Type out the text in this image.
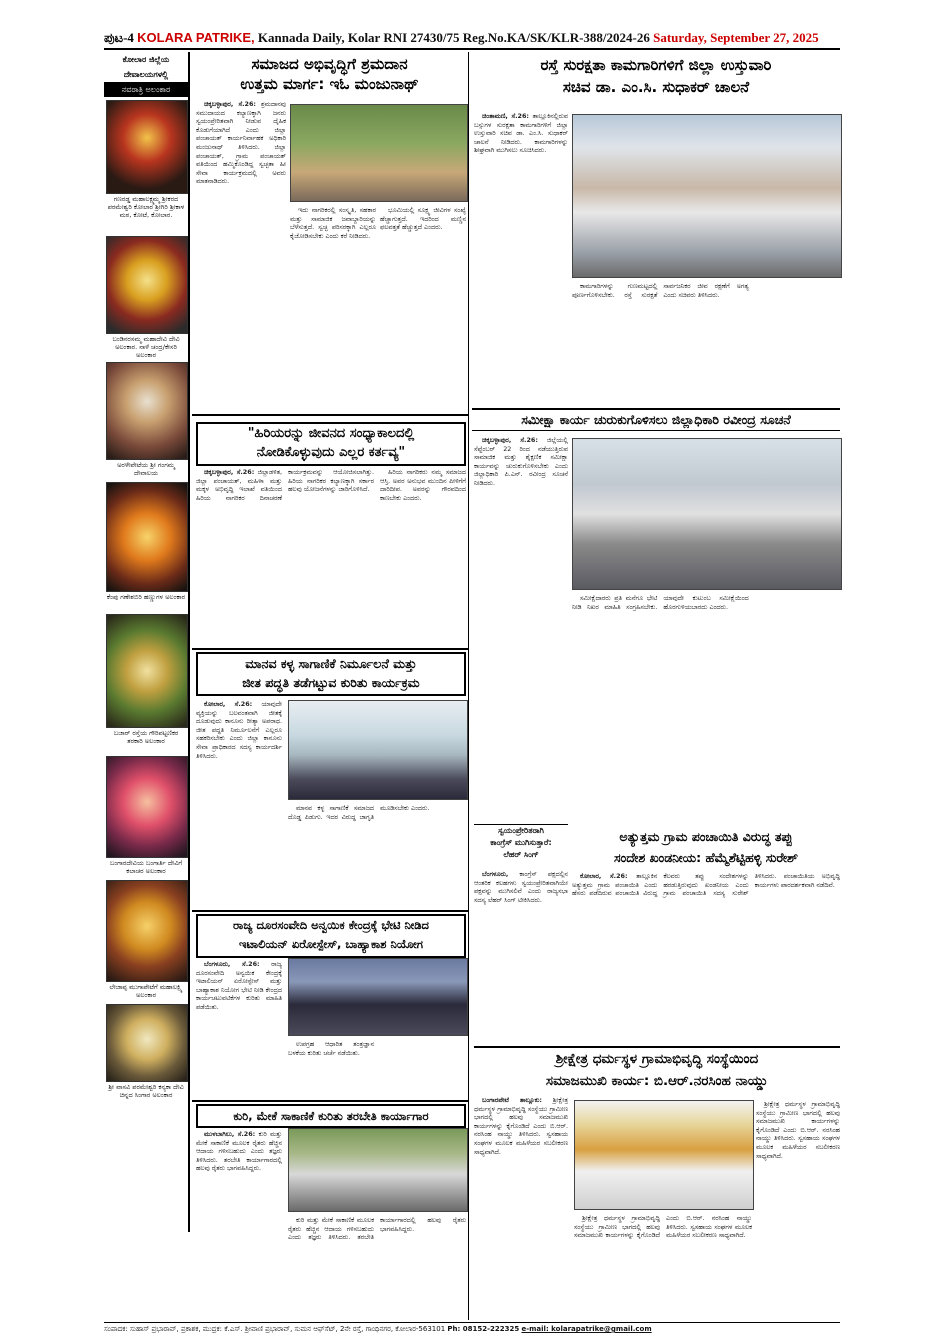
ಪುಟ-4 KOLARA PATRIKE, Kannada Daily, Kolar RNI 27430/75 Reg.No.KA/SK/KLR-388/2024-26 Saturday, September 27, 2025
ಕೋಲಾರ ಜಿಲ್ಲೆಯ
ದೇವಾಲಯಗಳಲ್ಲಿ
ನವರಾತ್ರಿ ಅಲಂಕಾರ
ಗಣರಡ್ಡ ಮಹಾಲಕ್ಷ್ಮಮ್ಮ ಶ್ರೀಕರದ ಪರಮೇಶ್ವರಿ ಕೋಲಾರ ಶ್ರೀಗಿರಿ ಶ್ರೀಕಾಳ ಮಠ, ಕೋಟೆ, ಕೋಲಾರ.
ಬಂಡಿನರಸಮ್ಮ ಮಹಾದೇವಿ ದೇವಿ ಅಲಂಕಾರ. ನಾಳೆ ಚಂದ್ರ/ಕೇಸರಿ ಅಲಂಕಾರ
ಅರಳೇಪೇಟೆಯ ಶ್ರೀ ಗಂಗಮ್ಮ ದೇವಾಲಯ
ಕೆಂಪು ಗಣೇಶಬಿರಿ ಹಣ್ಣುಗಳ ಅಲಂಕಾರ
ಬಜಾರ್ ರಸ್ತೆಯ ಗೌರಿಪಟ್ಟಣಿಕರ ತರಕಾರಿ ಅಲಂಕಾರ
ಬಂಗಾರದೇವಿಯ ಬಂಗಾರ್ತಿ ದೇವಿಗೆ ಕಲಾಚರ ಅಲಂಕಾರ
ಲೇಜಾಪ್ಪ ಮುಗಾಪೇಟೆಗೆ ಮಹಾಲಕ್ಷ್ಮಿ ಅಲಂಕಾರ
ಶ್ರೀ ವಾಸವಿ ಪರಮೇಶ್ವರಿ ಕನ್ಯಕಾ ದೇವಿ ಚಿನ್ನದ ಸಿಂಗಾರ ಅಲಂಕಾರ
ಸಮಾಜದ ಅಭಿವೃದ್ಧಿಗೆ ಶ್ರಮದಾನ
ಉತ್ತಮ ಮಾರ್ಗ: ಇಓ ಮಂಜುನಾಥ್

ಚಿಕ್ಕಬಳ್ಳಾಪುರ, ಸೆ.26: ಶ್ರಮದಾನವು ಸಮುದಾಯದ ಕಲ್ಯಾಣಕ್ಕಾಗಿ ಜನರು ಸ್ವಯಂಪ್ರೇರಿತವಾಗಿ ನೀಡುವ ದೈಹಿಕ ಕೊಡುಗೆಯಾಗಿದೆ ಎಂದು ಜಿಲ್ಲಾ ಪಂಚಾಯತ್ ಕಾರ್ಯನಿರ್ವಾಹಕ ಅಧಿಕಾರಿ ಮಂಜುನಾಥ್ ತಿಳಿಸಿದರು. ಜಿಲ್ಲಾ ಪಂಚಾಯತ್, ಗ್ರಾಮ ಪಂಚಾಯತ್ ವತಿಯಿಂದ ಹಮ್ಮಿಕೊಂಡಿದ್ದ ಸ್ವಚ್ಛತಾ ಹೀ ಸೇವಾ ಕಾರ್ಯಕ್ರಮದಲ್ಲಿ ಅವರು ಮಾತನಾಡಿದರು.

ಇದು ನಾಗರಿಕರಲ್ಲಿ ಸಂಸ್ಕೃತಿ, ಸಹಕಾರ ಮತ್ತು ಸಾಮಾಜಿಕ ಜವಾಬ್ದಾರಿಯನ್ನು ಬೆಳೆಸುತ್ತದೆ. ಸ್ವಚ್ಛ ಪರಿಸರಕ್ಕಾಗಿ ಎಲ್ಲರೂ ಕೈಜೋಡಿಸಬೇಕು ಎಂದು ಕರೆ ನೀಡಿದರು.

ಭೂಮಿಯಲ್ಲಿ ಸೂಕ್ಷ್ಮ ಜೀವಿಗಳ ಸಂಖ್ಯೆ ಹೆಚ್ಚಾಗುತ್ತದೆ. ಇದರಿಂದ ಮಣ್ಣಿನ ಫಲವತ್ತತೆ ಹೆಚ್ಚುತ್ತದೆ ಎಂದರು.

ರಸ್ತೆ ಸುರಕ್ಷತಾ ಕಾಮಗಾರಿಗಳಿಗೆ ಜಿಲ್ಲಾ ಉಸ್ತುವಾರಿ
ಸಚಿವ ಡಾ. ಎಂ.ಸಿ. ಸುಧಾಕರ್ ಚಾಲನೆ

ಚಿಂತಾಮಣಿ, ಸೆ.26: ತಾಲ್ಲೂಕಿನಲ್ಲಿರುವ ಬಸ್ಸುಗಳ ಸುರಕ್ಷತಾ ಕಾಮಗಾರಿಗಳಿಗೆ ಜಿಲ್ಲಾ ಉಸ್ತುವಾರಿ ಸಚಿವ ಡಾ. ಎಂ.ಸಿ. ಸುಧಾಕರ್ ಚಾಲನೆ ನೀಡಿದರು. ಕಾಮಗಾರಿಗಳನ್ನು ಶೀಘ್ರವಾಗಿ ಮುಗಿಸಲು ಸೂಚಿಸಿದರು.

ಕಾಮಗಾರಿಗಳನ್ನು ಗುಣಮಟ್ಟದಲ್ಲಿ ಪೂರ್ಣಗೊಳಿಸಬೇಕು. ರಸ್ತೆ ಸುರಕ್ಷತೆ ಸಾರ್ವಜನಿಕರ ಜೀವ ರಕ್ಷಣೆಗೆ ಅಗತ್ಯ ಎಂದು ಸಚಿವರು ತಿಳಿಸಿದರು.

"ಹಿರಿಯರನ್ನು ಜೀವನದ ಸಂಧ್ಯಾಕಾಲದಲ್ಲಿ
ನೋಡಿಕೊಳ್ಳುವುದು ಎಲ್ಲರ ಕರ್ತವ್ಯ"

ಚಿಕ್ಕಬಳ್ಳಾಪುರ, ಸೆ.26: ಜಿಲ್ಲಾಡಳಿತ, ಜಿಲ್ಲಾ ಪಂಚಾಯತ್, ಮಹಿಳಾ ಮತ್ತು ಮಕ್ಕಳ ಅಭಿವೃದ್ಧಿ ಇಲಾಖೆ ವತಿಯಿಂದ ಹಿರಿಯ ನಾಗರಿಕರ ದಿನಾಚರಣೆ ಕಾರ್ಯಕ್ರಮವನ್ನು ಆಯೋಜಿಸಲಾಗಿತ್ತು. ಹಿರಿಯ ನಾಗರಿಕರ ಕಲ್ಯಾಣಕ್ಕಾಗಿ ಸರ್ಕಾರ ಹಲವು ಯೋಜನೆಗಳನ್ನು ಜಾರಿಗೊಳಿಸಿದೆ.

ಹಿರಿಯ ನಾಗರಿಕರು ನಮ್ಮ ಸಮಾಜದ ಆಸ್ತಿ. ಅವರ ಅನುಭವ ಮುಂದಿನ ಪೀಳಿಗೆಗೆ ದಾರಿದೀಪ. ಅವರನ್ನು ಗೌರವದಿಂದ ಕಾಣಬೇಕು ಎಂದರು.

ಸಮೀಕ್ಷಾ ಕಾರ್ಯ ಚುರುಕುಗೊಳಿಸಲು ಜಿಲ್ಲಾಧಿಕಾರಿ ರವೀಂದ್ರ ಸೂಚನೆ

ಚಿಕ್ಕಬಳ್ಳಾಪುರ, ಸೆ.26: ಜಿಲ್ಲೆಯಲ್ಲಿ ಸೆಪ್ಟೆಂಬರ್ 22 ರಿಂದ ನಡೆಯುತ್ತಿರುವ ಸಾಮಾಜಿಕ ಮತ್ತು ಶೈಕ್ಷಣಿಕ ಸಮೀಕ್ಷಾ ಕಾರ್ಯವನ್ನು ಚುರುಕುಗೊಳಿಸಬೇಕು ಎಂದು ಜಿಲ್ಲಾಧಿಕಾರಿ ಪಿ.ಎನ್. ರವೀಂದ್ರ ಸೂಚನೆ ನೀಡಿದರು.

ಸಮೀಕ್ಷೆದಾರರು ಪ್ರತಿ ಮನೆಗೂ ಭೇಟಿ ನೀಡಿ ನಿಖರ ಮಾಹಿತಿ ಸಂಗ್ರಹಿಸಬೇಕು. ಯಾವುದೇ ಕುಟುಂಬ ಸಮೀಕ್ಷೆಯಿಂದ ಹೊರಗುಳಿಯಬಾರದು ಎಂದರು.

ಮಾನವ ಕಳ್ಳ ಸಾಗಾಣಿಕೆ ನಿರ್ಮೂಲನೆ ಮತ್ತು
ಜೀತ ಪದ್ಧತಿ ತಡೆಗಟ್ಟುವ ಕುರಿತು ಕಾರ್ಯಕ್ರಮ

ಕೋಲಾರ, ಸೆ.26: ಯಾವುದೇ ವ್ಯಕ್ತಿಯನ್ನು ಬಲವಂತವಾಗಿ ಜೀತಕ್ಕೆ ದೂಡುವುದು ಕಾನೂನು ರೀತ್ಯಾ ಅಪರಾಧ. ಜೀತ ಪದ್ಧತಿ ನಿರ್ಮೂಲನೆಗೆ ಎಲ್ಲರೂ ಸಹಕರಿಸಬೇಕು ಎಂದು ಜಿಲ್ಲಾ ಕಾನೂನು ಸೇವಾ ಪ್ರಾಧಿಕಾರದ ಸದಸ್ಯ ಕಾರ್ಯದರ್ಶಿ ತಿಳಿಸಿದರು.

ಮಾನವ ಕಳ್ಳ ಸಾಗಾಣಿಕೆ ಸಮಾಜದ ದೊಡ್ಡ ಪಿಡುಗು. ಇದರ ವಿರುದ್ಧ ಜಾಗೃತಿ ಮೂಡಿಸಬೇಕು ಎಂದರು.

ಸ್ವಯಂಪ್ರೇರಿತರಾಗಿ
ಕಾಂಗ್ರೆಸ್ ಮುಗಿಸುತ್ತಾರೆ:
ಲೆಹರ್ ಸಿಂಗ್

ಬೆಂಗಳೂರು, ಕಾಂಗ್ರೆಸ್ ಪಕ್ಷದಲ್ಲಿನ ಆಂತರಿಕ ಕಲಹಗಳು ಸ್ವಯಂಪ್ರೇರಿತವಾಗಿಯೇ ಪಕ್ಷವನ್ನು ಮುಗಿಸಲಿವೆ ಎಂದು ರಾಜ್ಯಸಭಾ ಸದಸ್ಯ ಲೆಹರ್ ಸಿಂಗ್ ಟೀಕಿಸಿದರು.

ಅತ್ಯುತ್ತಮ ಗ್ರಾಮ ಪಂಚಾಯಿತಿ ವಿರುದ್ಧ ತಪ್ಪು
ಸಂದೇಶ ಖಂಡನೀಯ: ಹೆಮ್ಮೆಶೆಟ್ಟಿಹಳ್ಳಿ ಸುರೇಶ್

ಕೋಲಾರ, ಸೆ.26: ತಾಲ್ಲೂಕಿನ ಅತ್ಯುತ್ತಮ ಗ್ರಾಮ ಪಂಚಾಯಿತಿ ಎಂದು ಹೆಸರು ಪಡೆದಿರುವ ಪಂಚಾಯಿತಿ ವಿರುದ್ಧ ಕೆಲವರು ತಪ್ಪು ಸಂದೇಶಗಳನ್ನು ಹರಡುತ್ತಿರುವುದು ಖಂಡನೀಯ ಎಂದು ಗ್ರಾಮ ಪಂಚಾಯಿತಿ ಸದಸ್ಯ ಸುರೇಶ್ ತಿಳಿಸಿದರು. ಪಂಚಾಯಿತಿಯ ಅಭಿವೃದ್ಧಿ ಕಾರ್ಯಗಳು ಪಾರದರ್ಶಕವಾಗಿ ನಡೆದಿವೆ.

ರಾಜ್ಯ ದೂರಸಂವೇದಿ ಅನ್ವಯಿಕ ಕೇಂದ್ರಕ್ಕೆ ಭೇಟಿ ನೀಡಿದ
ಇಟಾಲಿಯನ್ ಏರೋಸ್ಪೇಸ್, ಬಾಹ್ಯಾಕಾಶ ನಿಯೋಗ

ಬೆಂಗಳೂರು, ಸೆ.26: ರಾಜ್ಯ ದೂರಸಂವೇದಿ ಅನ್ವಯಿಕ ಕೇಂದ್ರಕ್ಕೆ ಇಟಾಲಿಯನ್ ಏರೋಸ್ಪೇಸ್ ಮತ್ತು ಬಾಹ್ಯಾಕಾಶ ನಿಯೋಗ ಭೇಟಿ ನೀಡಿ ಕೇಂದ್ರದ ಕಾರ್ಯಚಟುವಟಿಕೆಗಳ ಕುರಿತು ಮಾಹಿತಿ ಪಡೆಯಿತು.

ಉಪಗ್ರಹ ಆಧಾರಿತ ತಂತ್ರಜ್ಞಾನ ಬಳಕೆಯ ಕುರಿತು ಚರ್ಚೆ ನಡೆಯಿತು.	ಶ್ರೀಕ್ಷೇತ್ರ ಧರ್ಮಸ್ಥಳ ಗ್ರಾಮಾಭಿವೃದ್ಧಿ ಸಂಸ್ಥೆಯಿಂದ
ಸಮಾಜಮುಖಿ ಕಾರ್ಯ: ಬಿ.ಆರ್.ನರಸಿಂಹ ನಾಯ್ಡು

ಬಂಗಾರಪೇಟೆ ತಾಲ್ಲೂಕು: ಶ್ರೀಕ್ಷೇತ್ರ ಧರ್ಮಸ್ಥಳ ಗ್ರಾಮಾಭಿವೃದ್ಧಿ ಸಂಸ್ಥೆಯು ಗ್ರಾಮೀಣ ಭಾಗದಲ್ಲಿ ಹಲವು ಸಮಾಜಮುಖಿ ಕಾರ್ಯಗಳನ್ನು ಕೈಗೊಂಡಿದೆ ಎಂದು ಬಿ.ಆರ್. ನರಸಿಂಹ ನಾಯ್ಡು ತಿಳಿಸಿದರು. ಸ್ವಸಹಾಯ ಸಂಘಗಳ ಮೂಲಕ ಮಹಿಳೆಯರ ಸಬಲೀಕರಣ ಸಾಧ್ಯವಾಗಿದೆ.

ಶ್ರೀಕ್ಷೇತ್ರ ಧರ್ಮಸ್ಥಳ ಗ್ರಾಮಾಭಿವೃದ್ಧಿ ಸಂಸ್ಥೆಯು ಗ್ರಾಮೀಣ ಭಾಗದಲ್ಲಿ ಹಲವು ಸಮಾಜಮುಖಿ ಕಾರ್ಯಗಳನ್ನು ಕೈಗೊಂಡಿದೆ ಎಂದು ಬಿ.ಆರ್. ನರಸಿಂಹ ನಾಯ್ಡು ತಿಳಿಸಿದರು. ಸ್ವಸಹಾಯ ಸಂಘಗಳ ಮೂಲಕ ಮಹಿಳೆಯರ ಸಬಲೀಕರಣ ಸಾಧ್ಯವಾಗಿದೆ.

ಶ್ರೀಕ್ಷೇತ್ರ ಧರ್ಮಸ್ಥಳ ಗ್ರಾಮಾಭಿವೃದ್ಧಿ ಸಂಸ್ಥೆಯು ಗ್ರಾಮೀಣ ಭಾಗದಲ್ಲಿ ಹಲವು ಸಮಾಜಮುಖಿ ಕಾರ್ಯಗಳನ್ನು ಕೈಗೊಂಡಿದೆ ಎಂದು ಬಿ.ಆರ್. ನರಸಿಂಹ ನಾಯ್ಡು ತಿಳಿಸಿದರು. ಸ್ವಸಹಾಯ ಸಂಘಗಳ ಮೂಲಕ ಮಹಿಳೆಯರ ಸಬಲೀಕರಣ ಸಾಧ್ಯವಾಗಿದೆ.

ಕುರಿ, ಮೇಕೆ ಸಾಕಾಣಿಕೆ ಕುರಿತು ತರಬೇತಿ ಕಾರ್ಯಾಗಾರ

ಮುಳಬಾಗಿಲು, ಸೆ.26: ಕುರಿ ಮತ್ತು ಮೇಕೆ ಸಾಕಾಣಿಕೆ ಮೂಲಕ ರೈತರು ಹೆಚ್ಚಿನ ಆದಾಯ ಗಳಿಸಬಹುದು ಎಂದು ತಜ್ಞರು ತಿಳಿಸಿದರು. ತರಬೇತಿ ಕಾರ್ಯಾಗಾರದಲ್ಲಿ ಹಲವು ರೈತರು ಭಾಗವಹಿಸಿದ್ದರು.

ಕುರಿ ಮತ್ತು ಮೇಕೆ ಸಾಕಾಣಿಕೆ ಮೂಲಕ ರೈತರು ಹೆಚ್ಚಿನ ಆದಾಯ ಗಳಿಸಬಹುದು ಎಂದು ತಜ್ಞರು ತಿಳಿಸಿದರು. ತರಬೇತಿ ಕಾರ್ಯಾಗಾರದಲ್ಲಿ ಹಲವು ರೈತರು ಭಾಗವಹಿಸಿದ್ದರು.

ಸಂಪಾದಕ: ಸುಹಾಸ್ ಪ್ರಭಾರಾವ್, ಪ್ರಕಾಶಕ, ಮುದ್ರಕ: ಕೆ.ಎಸ್. ಶ್ರೀವಾಣಿ ಪ್ರಭಾರಾವ್, ಸುಮನ ಆಫ್‌ಸೆಟ್, 2ನೇ ರಸ್ತೆ, ಗಾಂಧಿನಗರ, ಕೋಲಾರ-563101 Ph: 08152-222325 e-mail: kolarapatrike@gmail.com
